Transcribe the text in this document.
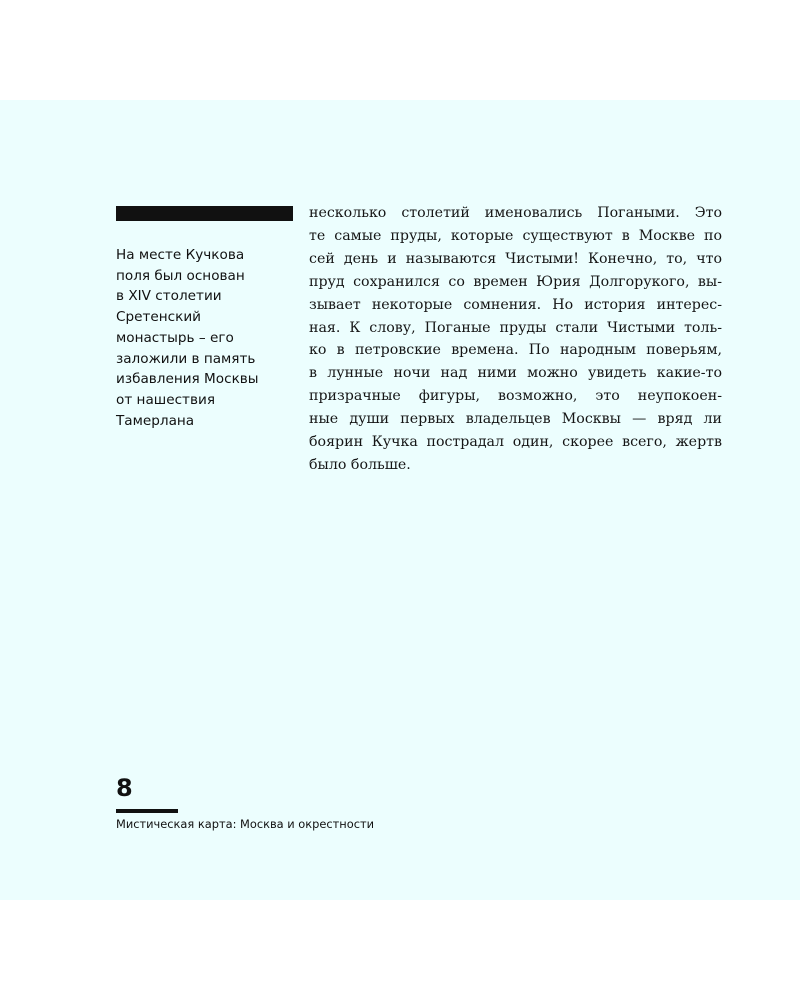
На месте Кучкова
поля был основан
в XIV столетии
Сретенский
монастырь – его
заложили в память
избавления Москвы
от нашествия
Тамерлана
несколько столетий именовались Погаными. Это
те самые пруды, которые существуют в Москве по
сей день и называются Чистыми! Конечно, то, что
пруд сохранился со времен Юрия Долгорукого, вы-
зывает некоторые сомнения. Но история интерес-
ная. К слову, Поганые пруды стали Чистыми толь-
ко в петровские времена. По народным поверьям,
в лунные ночи над ними можно увидеть какие-то
призрачные фигуры, возможно, это неупокоен-
ные души первых владельцев Москвы — вряд ли
боярин Кучка пострадал один, скорее всего, жертв
было больше.
8
Мистическая карта: Москва и окрестности
